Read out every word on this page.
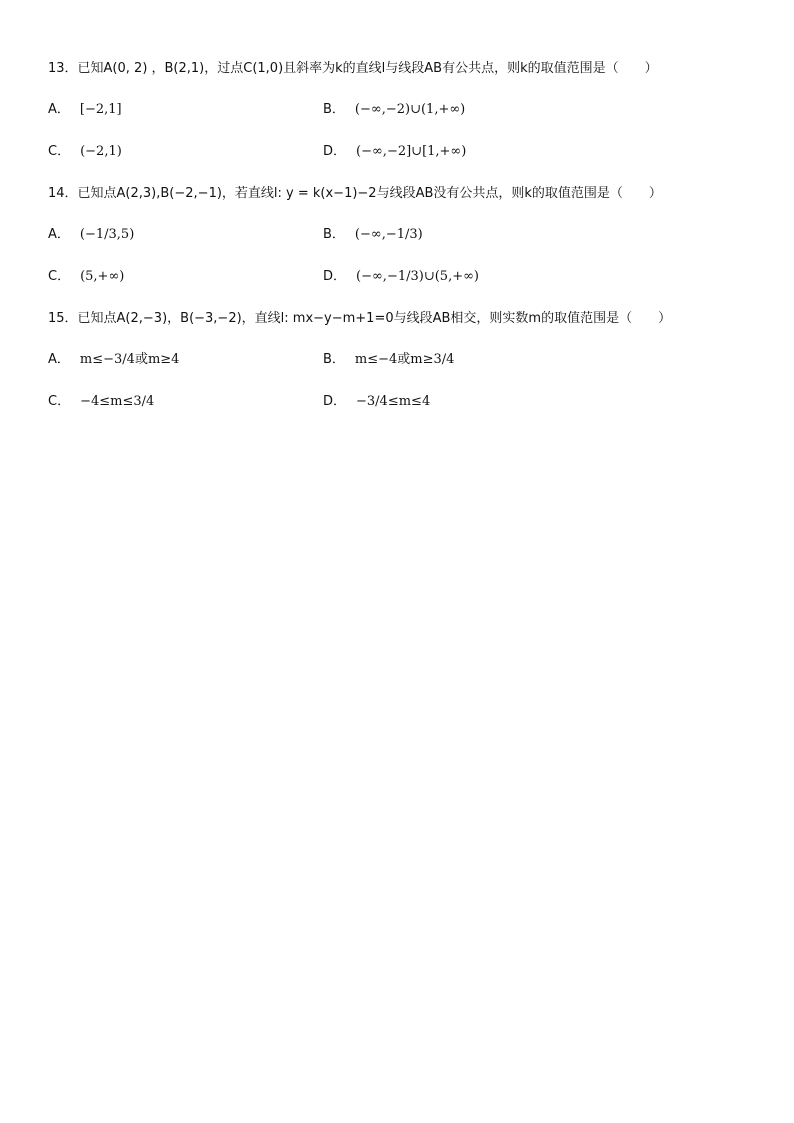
13．已知A(0, 2) ，B(2,1)，过点C(1,0)且斜率为k的直线l与线段AB有公共点，则k的取值范围是（　　）
A． [−2,1]	B． (−∞,−2)∪(1,+∞)
C． (−2,1)	D． (−∞,−2]∪[1,+∞)
14．已知点A(2,3),B(−2,−1)，若直线l: y = k(x−1)−2与线段AB没有公共点，则k的取值范围是（　　）
A． (−1/3,5)	B． (−∞,−1/3)
C． (5,+∞)	D． (−∞,−1/3)∪(5,+∞)
15．已知点A(2,−3)，B(−3,−2)，直线l: mx−y−m+1=0与线段AB相交，则实数m的取值范围是（　　）
A． m≤−3/4或m≥4	B． m≤−4或m≥3/4
C． −4≤m≤3/4	D． −3/4≤m≤4
